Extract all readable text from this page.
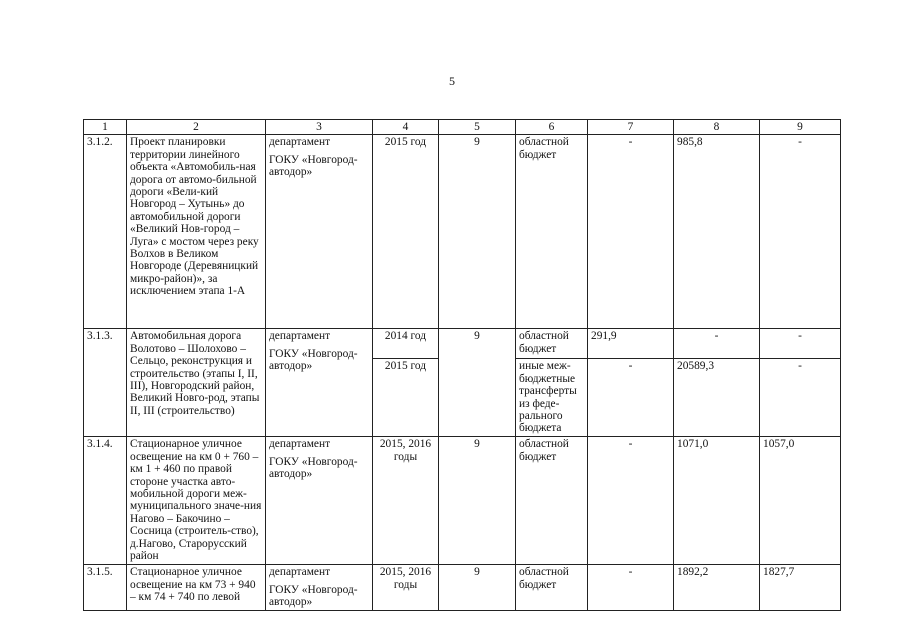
5
1	2	3	4	5	6	7	8	9
3.1.2.	Проект планировки территории линейного объекта «Автомобиль-ная дорога от автомо-бильной дороги «Вели-кий Новгород – Хутынь» до автомобильной дороги «Великий Нов-город – Луга» с мостом через реку Волхов в Великом Новгороде (Деревяницкий микро-район)», за исключением этапа 1-А	департамент
ГОКУ «Новгород-автодор»	2015 год	9	областной бюджет	-	985,8	-
3.1.3.	Автомобильная дорога Волотово – Шолохово – Сельцо, реконструкция и строительство (этапы I, II, III), Новгородский район, Великий Новго-род, этапы II, III (строительство)	департамент
ГОКУ «Новгород-автодор»	2014 год	9	областной бюджет	291,9	-	-
			2015 год		иные меж-бюджетные трансферты из феде-рального бюджета	-	20589,3	-
3.1.4.	Стационарное уличное освещение на км 0 + 760 – км 1 + 460 по правой стороне участка авто-мобильной дороги меж-муниципального значе-ния Нагово – Бакочино – Сосница (строитель-ство), д.Нагово, Старорусский район	департамент
ГОКУ «Новгород-автодор»	2015, 2016 годы	9	областной бюджет	-	1071,0	1057,0
3.1.5.	Стационарное уличное освещение на км 73 + 940 – км 74 + 740 по левой	департамент
ГОКУ «Новгород-автодор»	2015, 2016 годы	9	областной бюджет	-	1892,2	1827,7
